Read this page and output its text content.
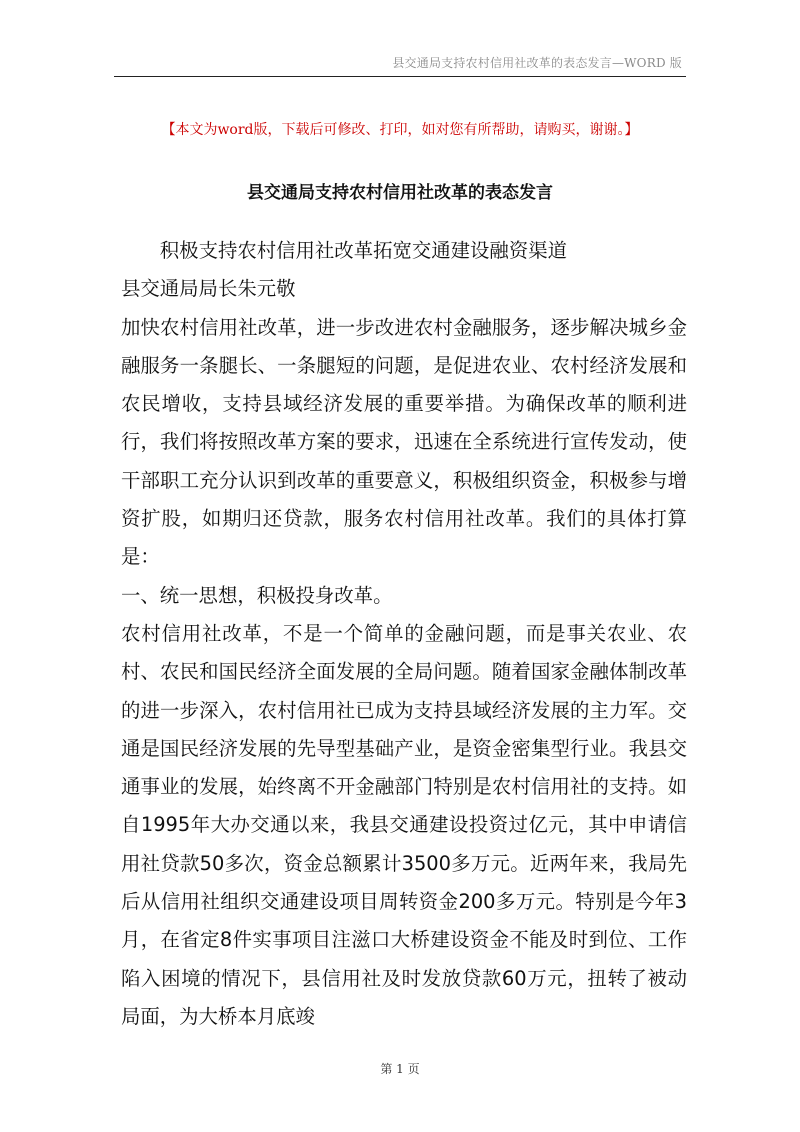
县交通局支持农村信用社改革的表态发言—WORD 版
【本文为word版，下载后可修改、打印，如对您有所帮助，请购买，谢谢。】
县交通局支持农村信用社改革的表态发言

积极支持农村信用社改革拓宽交通建设融资渠道

县交通局局长朱元敬

加快农村信用社改革，进一步改进农村金融服务，逐步解决城乡金融服务一条腿长、一条腿短的问题，是促进农业、农村经济发展和农民增收，支持县域经济发展的重要举措。为确保改革的顺利进行，我们将按照改革方案的要求，迅速在全系统进行宣传发动，使干部职工充分认识到改革的重要意义，积极组织资金，积极参与增资扩股，如期归还贷款，服务农村信用社改革。我们的具体打算是：

一、统一思想，积极投身改革。

农村信用社改革，不是一个简单的金融问题，而是事关农业、农村、农民和国民经济全面发展的全局问题。随着国家金融体制改革的进一步深入，农村信用社已成为支持县域经济发展的主力军。交通是国民经济发展的先导型基础产业，是资金密集型行业。我县交通事业的发展，始终离不开金融部门特别是农村信用社的支持。如自1995年大办交通以来，我县交通建设投资过亿元，其中申请信用社贷款50多次，资金总额累计3500多万元。近两年来，我局先后从信用社组织交通建设项目周转资金200多万元。特别是今年3月，在省定8件实事项目注滋口大桥建设资金不能及时到位、工作陷入困境的情况下，县信用社及时发放贷款60万元，扭转了被动局面，为大桥本月底竣

第 1 页
